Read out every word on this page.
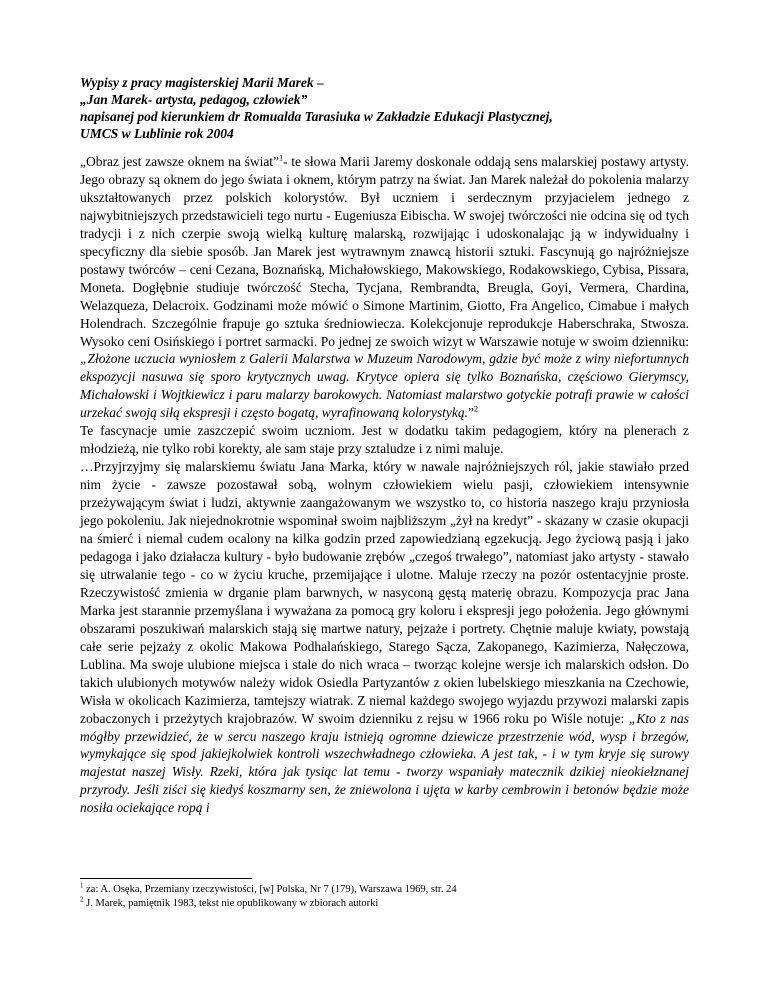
Wypisy z pracy magisterskiej Marii Marek –
„Jan Marek- artysta, pedagog, człowiek”
napisanej pod kierunkiem dr Romualda Tarasiuka w Zakładzie Edukacji Plastycznej,
UMCS w Lublinie rok 2004

„Obraz jest zawsze oknem na świat”$^1$- te słowa Marii Jaremy doskonale oddają sens malarskiej postawy artysty. Jego obrazy są oknem do jego świata i oknem, którym patrzy na świat. Jan Marek należał do pokolenia malarzy ukształtowanych przez polskich kolorystów. Był uczniem i serdecznym przyjacielem jednego z najwybitniejszych przedstawicieli tego nurtu - Eugeniusza Eibischa. W swojej twórczości nie odcina się od tych tradycji i z nich czerpie swoją wielką kulturę malarską, rozwijając i udoskonalając ją w indywidualny i specyficzny dla siebie sposób. Jan Marek jest wytrawnym znawcą historii sztuki. Fascynują go najróżniejsze postawy twórców – ceni Cezana, Boznańską, Michałowskiego, Makowskiego, Rodakowskiego, Cybisa, Pissara, Moneta. Dogłębnie studiuje twórczość Stecha, Tycjana, Rembrandta, Breugla, Goyi, Vermera, Chardina, Welazqueza, Delacroix. Godzinami może mówić o Simone Martinim, Giotto, Fra Angelico, Cimabue i małych Holendrach. Szczególnie frapuje go sztuka średniowiecza. Kolekcjonuje reprodukcje Haberschraka, Stwosza. Wysoko ceni Osińskiego i portret sarmacki. Po jednej ze swoich wizyt w Warszawie notuje w swoim dzienniku: „Złożone uczucia wyniosłem z Galerii Malarstwa w Muzeum Narodowym, gdzie być może z winy niefortunnych ekspozycji nasuwa się sporo krytycznych uwag. Krytyce opiera się tylko Boznańska, częściowo Gierymscy, Michałowski i Wojtkiewicz i paru malarzy barokowych. Natomiast malarstwo gotyckie potrafi prawie w całości urzekać swoją siłą ekspresji i często bogatą, wyrafinowaną kolorystyką.”$^2$
Te fascynacje umie zaszczepić swoim uczniom. Jest w dodatku takim pedagogiem, który na plenerach z młodzieżą, nie tylko robi korekty, ale sam staje przy sztaludze i z nimi maluje.

…Przyjrzyjmy się malarskiemu światu Jana Marka, który w nawale najróżniejszych ról, jakie stawiało przed nim życie - zawsze pozostawał sobą, wolnym człowiekiem wielu pasji, człowiekiem intensywnie przeżywającym świat i ludzi, aktywnie zaangażowanym we wszystko to, co historia naszego kraju przyniosła jego pokoleniu. Jak niejednokrotnie wspominał swoim najbliższym „żył na kredyt” - skazany w czasie okupacji na śmierć i niemal cudem ocalony na kilka godzin przed zapowiedzianą egzekucją. Jego życiową pasją i jako pedagoga i jako działacza kultury - było budowanie zrębów „czegoś trwałego”, natomiast jako artysty - stawało się utrwalanie tego - co w życiu kruche, przemijające i ulotne. Maluje rzeczy na pozór ostentacyjnie proste. Rzeczywistość zmienia w drganie plam barwnych, w nasyconą gęstą materię obrazu. Kompozycja prac Jana Marka jest starannie przemyślana i wyważana za pomocą gry koloru i ekspresji jego położenia. Jego głównymi obszarami poszukiwań malarskich stają się martwe natury, pejzaże i portrety. Chętnie maluje kwiaty, powstają całe serie pejzaży z okolic Makowa Podhalańskiego, Starego Sącza, Zakopanego, Kazimierza, Nałęczowa, Lublina. Ma swoje ulubione miejsca i stale do nich wraca – tworząc kolejne wersje ich malarskich odsłon. Do takich ulubionych motywów należy widok Osiedla Partyzantów z okien lubelskiego mieszkania na Czechowie, Wisła w okolicach Kazimierza, tamtejszy wiatrak. Z niemal każdego swojego wyjazdu przywozi malarski zapis zobaczonych i przeżytych krajobrazów. W swoim dzienniku z rejsu w 1966 roku po Wiśle notuje: „Kto z nas mógłby przewidzieć, że w sercu naszego kraju istnieją ogromne dziewicze przestrzenie wód, wysp i brzegów, wymykające się spod jakiejkolwiek kontroli wszechwładnego człowieka. A jest tak, - i w tym kryje się surowy majestat naszej Wisły. Rzeki, która jak tysiąc lat temu - tworzy wspaniały matecznik dzikiej nieokiełznanej przyrody. Jeśli ziści się kiedyś koszmarny sen, że zniewolona i ujęta w karby cembrowin i betonów będzie może nosiła ociekające ropą i

$^1$ za: A. Osęka, Przemiany rzeczywistości, [w] Polska, Nr 7 (179), Warszawa 1969, str. 24
$^2$ J. Marek, pamiętnik 1983, tekst nie opublikowany w zbiorach autorki
